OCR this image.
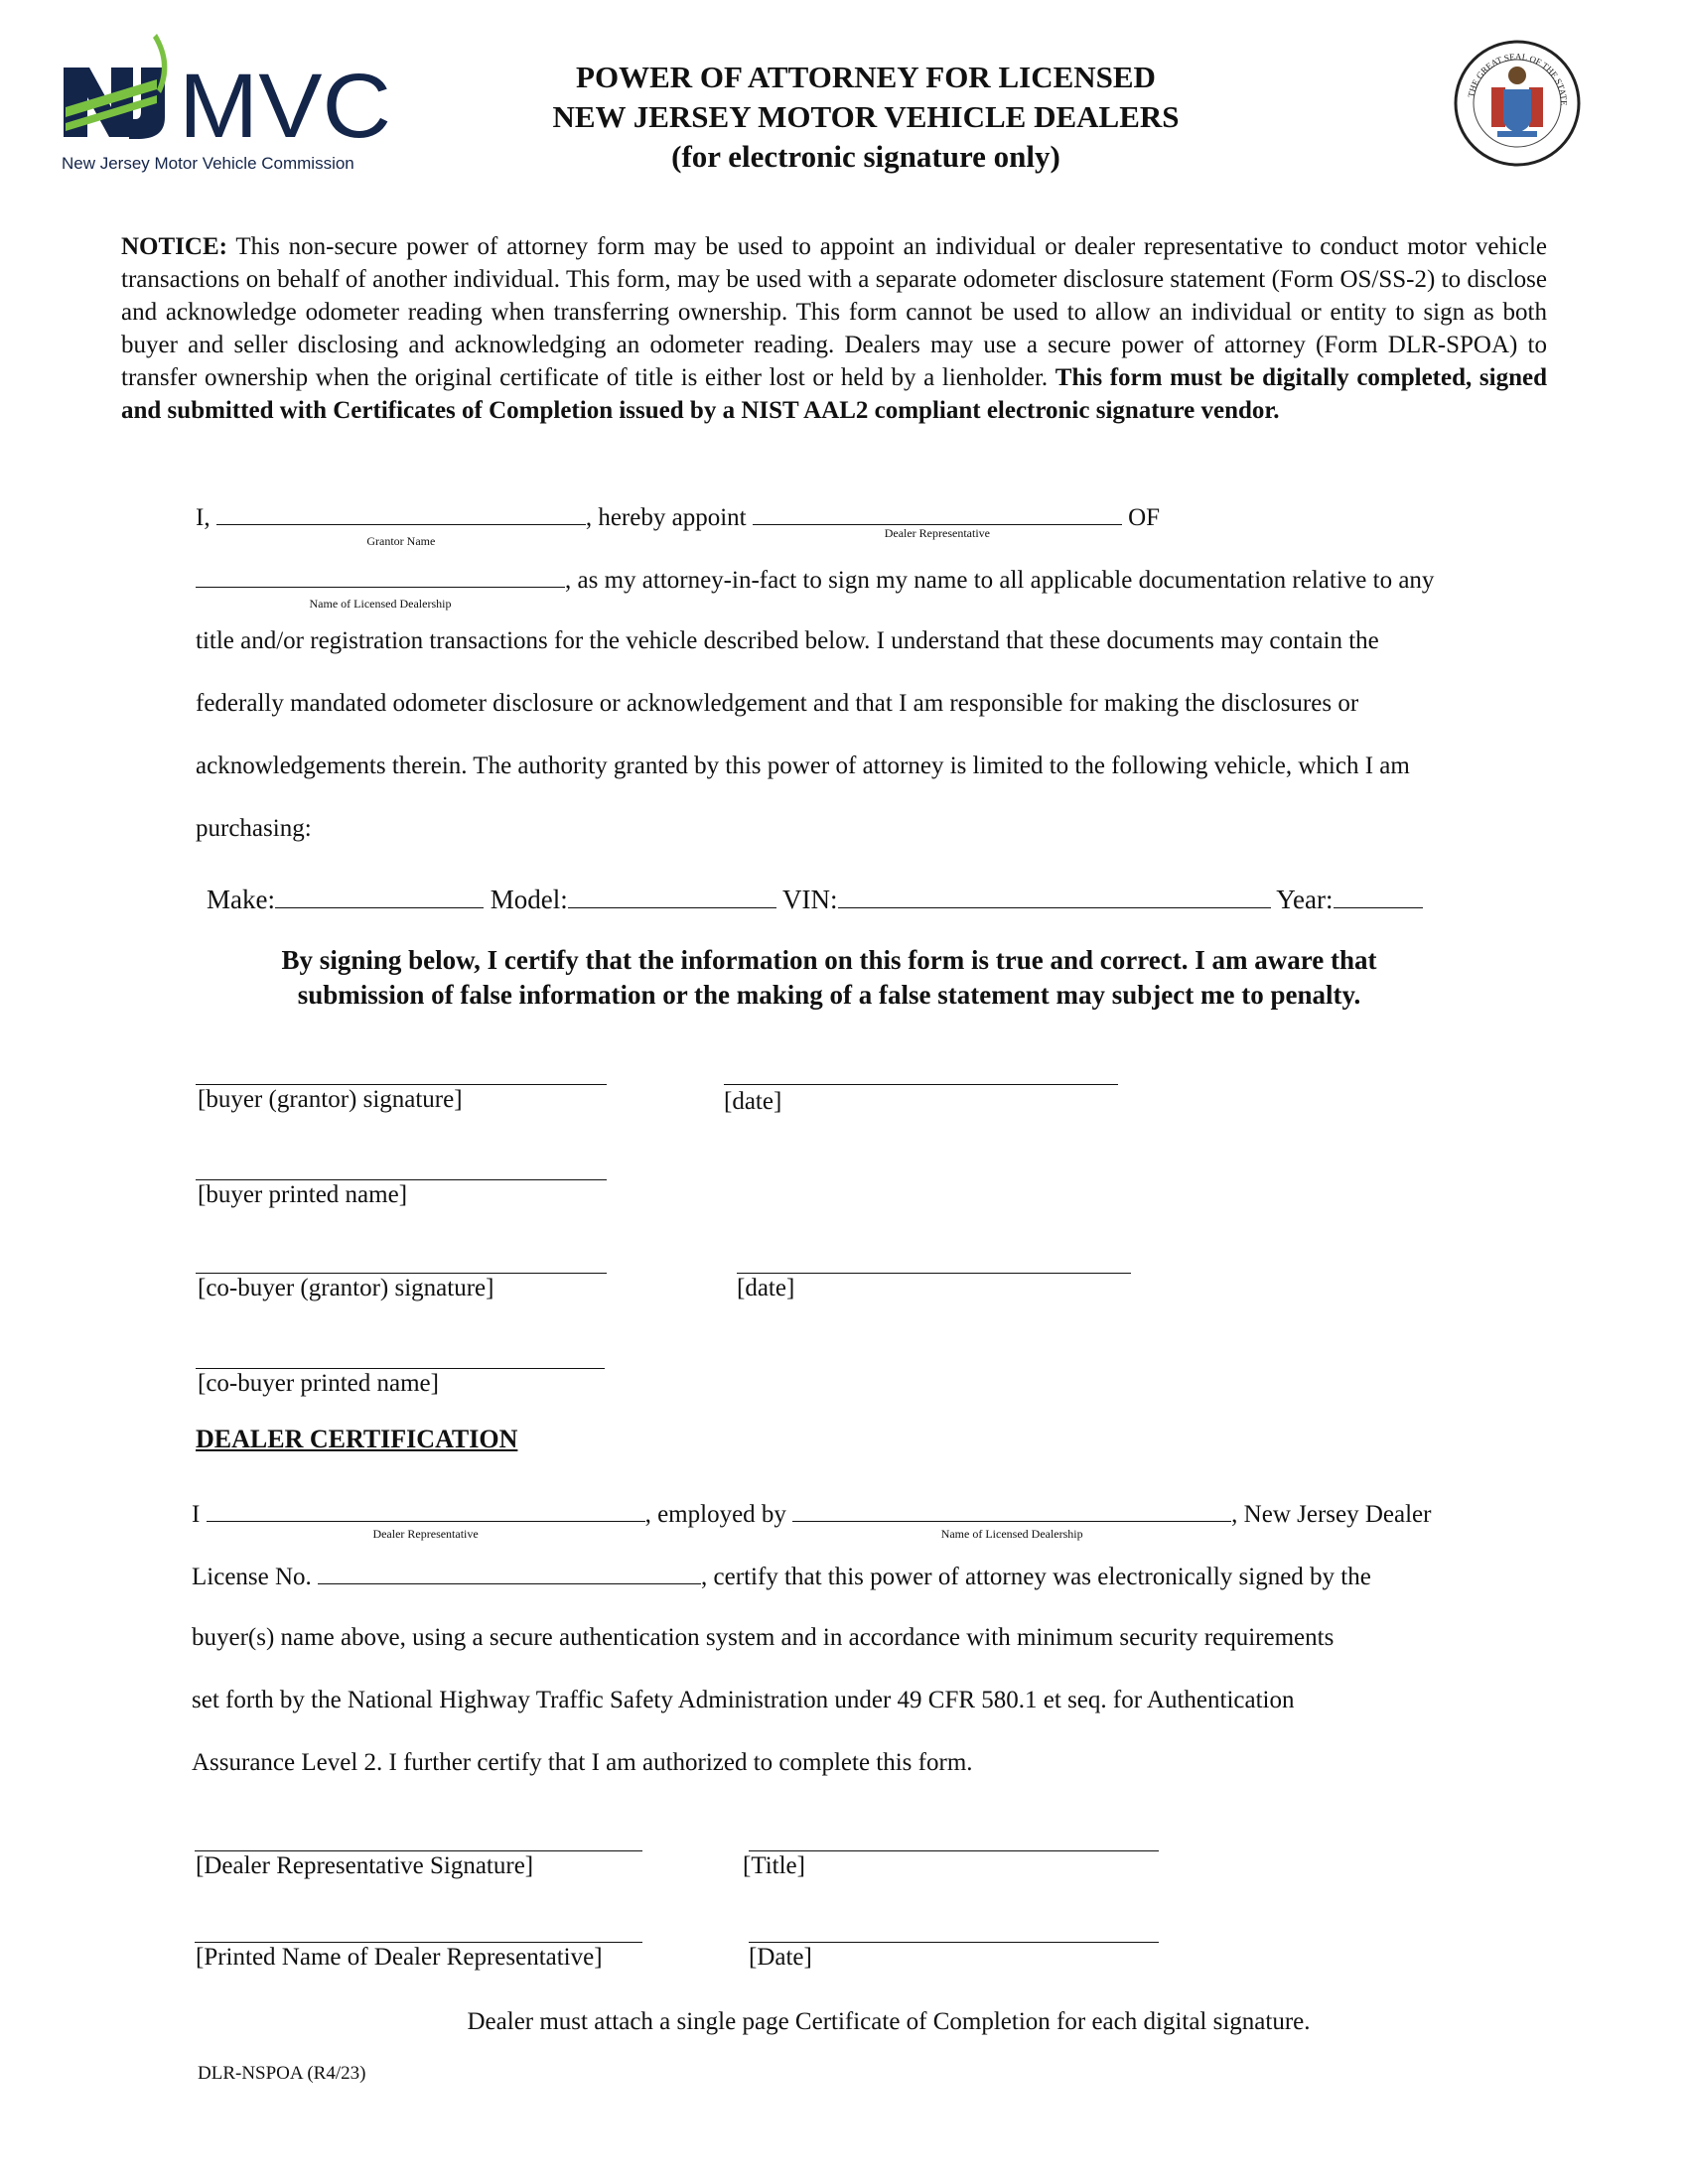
MVC
New Jersey Motor Vehicle Commission
POWER OF ATTORNEY FOR LICENSED
NEW JERSEY MOTOR VEHICLE DEALERS
(for electronic signature only)
THE GREAT SEAL OF THE STATE
NOTICE: This non-secure power of attorney form may be used to appoint an individual or dealer representative to conduct motor vehicle transactions on behalf of another individual. This form, may be used with a separate odometer disclosure statement (Form OS/SS-2) to disclose and acknowledge odometer reading when transferring ownership. This form cannot be used to allow an individual or entity to sign as both buyer and seller disclosing and acknowledging an odometer reading. Dealers may use a secure power of attorney (Form DLR-SPOA) to transfer ownership when the original certificate of title is either lost or held by a lienholder. This form must be digitally completed, signed and submitted with Certificates of Completion issued by a NIST AAL2 compliant electronic signature vendor.
I,
Grantor Name
, hereby appoint
Dealer Representative
OF
Name of Licensed Dealership
, as my attorney-in-fact to sign my name to all applicable documentation relative to any
title and/or registration transactions for the vehicle described below. I understand that these documents may contain the
federally mandated odometer disclosure or acknowledgement and that I am responsible for making the disclosures or
acknowledgements therein. The authority granted by this power of attorney is limited to the following vehicle, which I am
purchasing:
Make:	Model:	VIN:	Year:
By signing below, I certify that the information on this form is true and correct. I am aware that
submission of false information or the making of a false statement may subject me to penalty.
[buyer (grantor) signature]	[date]
[buyer printed name]
[co-buyer (grantor) signature]	[date]
[co-buyer printed name]
DEALER CERTIFICATION
I
Dealer Representative
, employed by
Name of Licensed Dealership
, New Jersey Dealer
License No.	, certify that this power of attorney was electronically signed by the
buyer(s) name above, using a secure authentication system and in accordance with minimum security requirements
set forth by the National Highway Traffic Safety Administration under 49 CFR 580.1 et seq. for Authentication
Assurance Level 2. I further certify that I am authorized to complete this form.
[Dealer Representative Signature]	[Title]
[Printed Name of Dealer Representative]	[Date]
Dealer must attach a single page Certificate of Completion for each digital signature.
DLR-NSPOA (R4/23)
